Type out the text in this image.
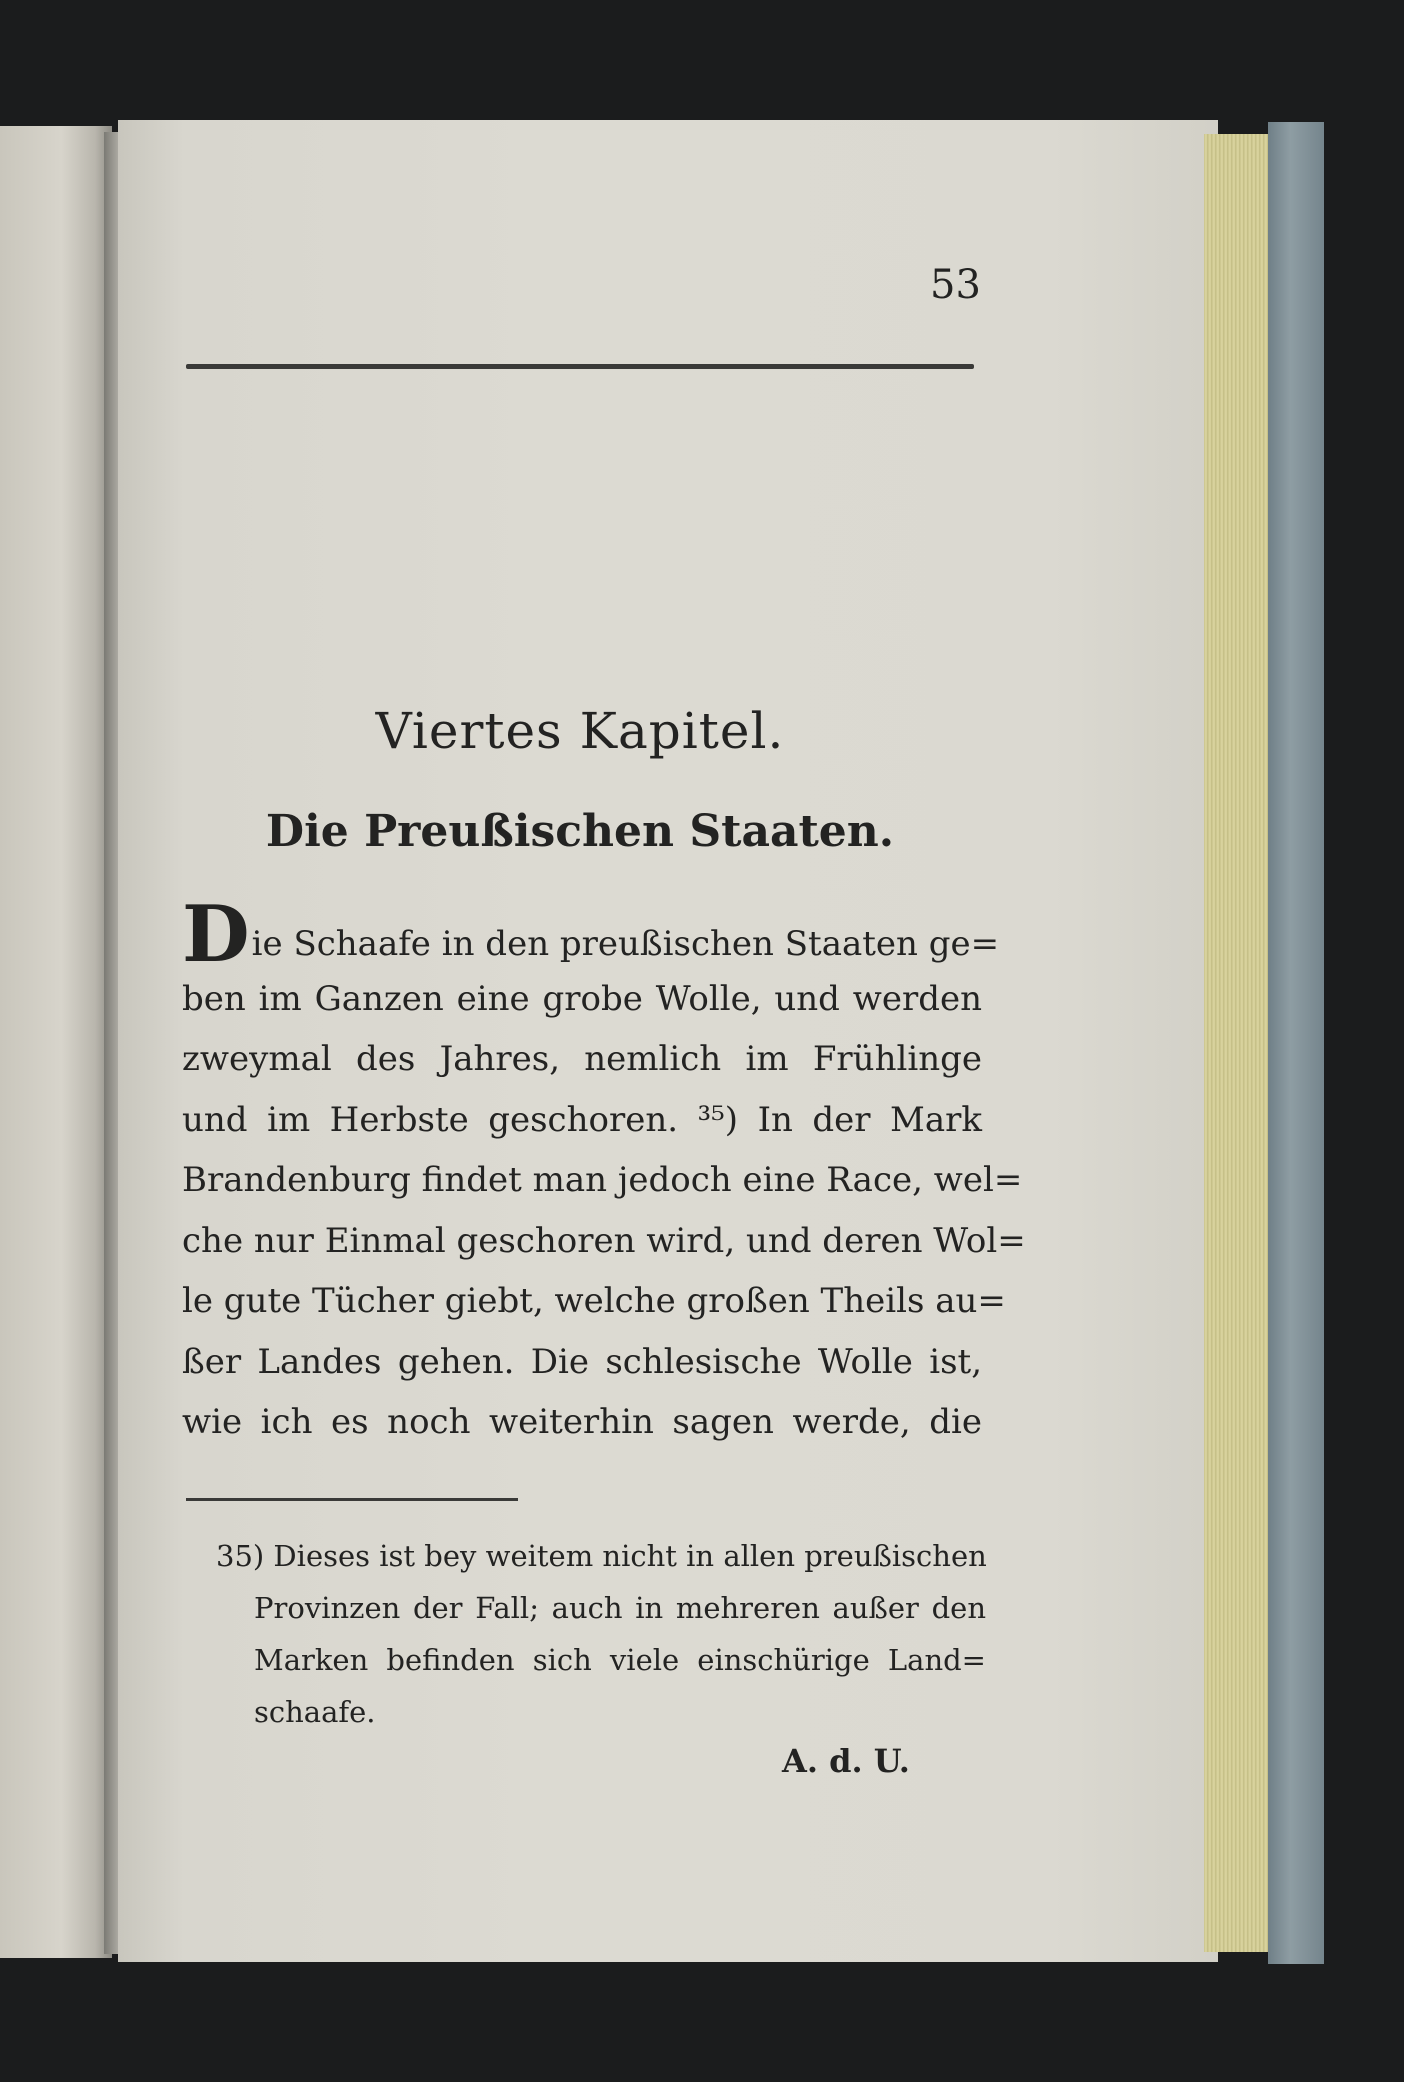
53
Viertes Kapitel.
Die Preußischen Staaten.
Die Schaafe in den preußischen Staaten ge=
ben im Ganzen eine grobe Wolle, und werden
zweymal des Jahres, nemlich im Frühlinge
und im Herbste geschoren. ³⁵) In der Mark
Brandenburg findet man jedoch eine Race, wel=
che nur Einmal geschoren wird, und deren Wol=
le gute Tücher giebt, welche großen Theils au=
ßer Landes gehen. Die schlesische Wolle ist,
wie ich es noch weiterhin sagen werde, die
35) Dieses ist bey weitem nicht in allen preußischen
Provinzen der Fall; auch in mehreren außer den
Marken befinden sich viele einschürige Land=
schaafe.
A. d. U.
